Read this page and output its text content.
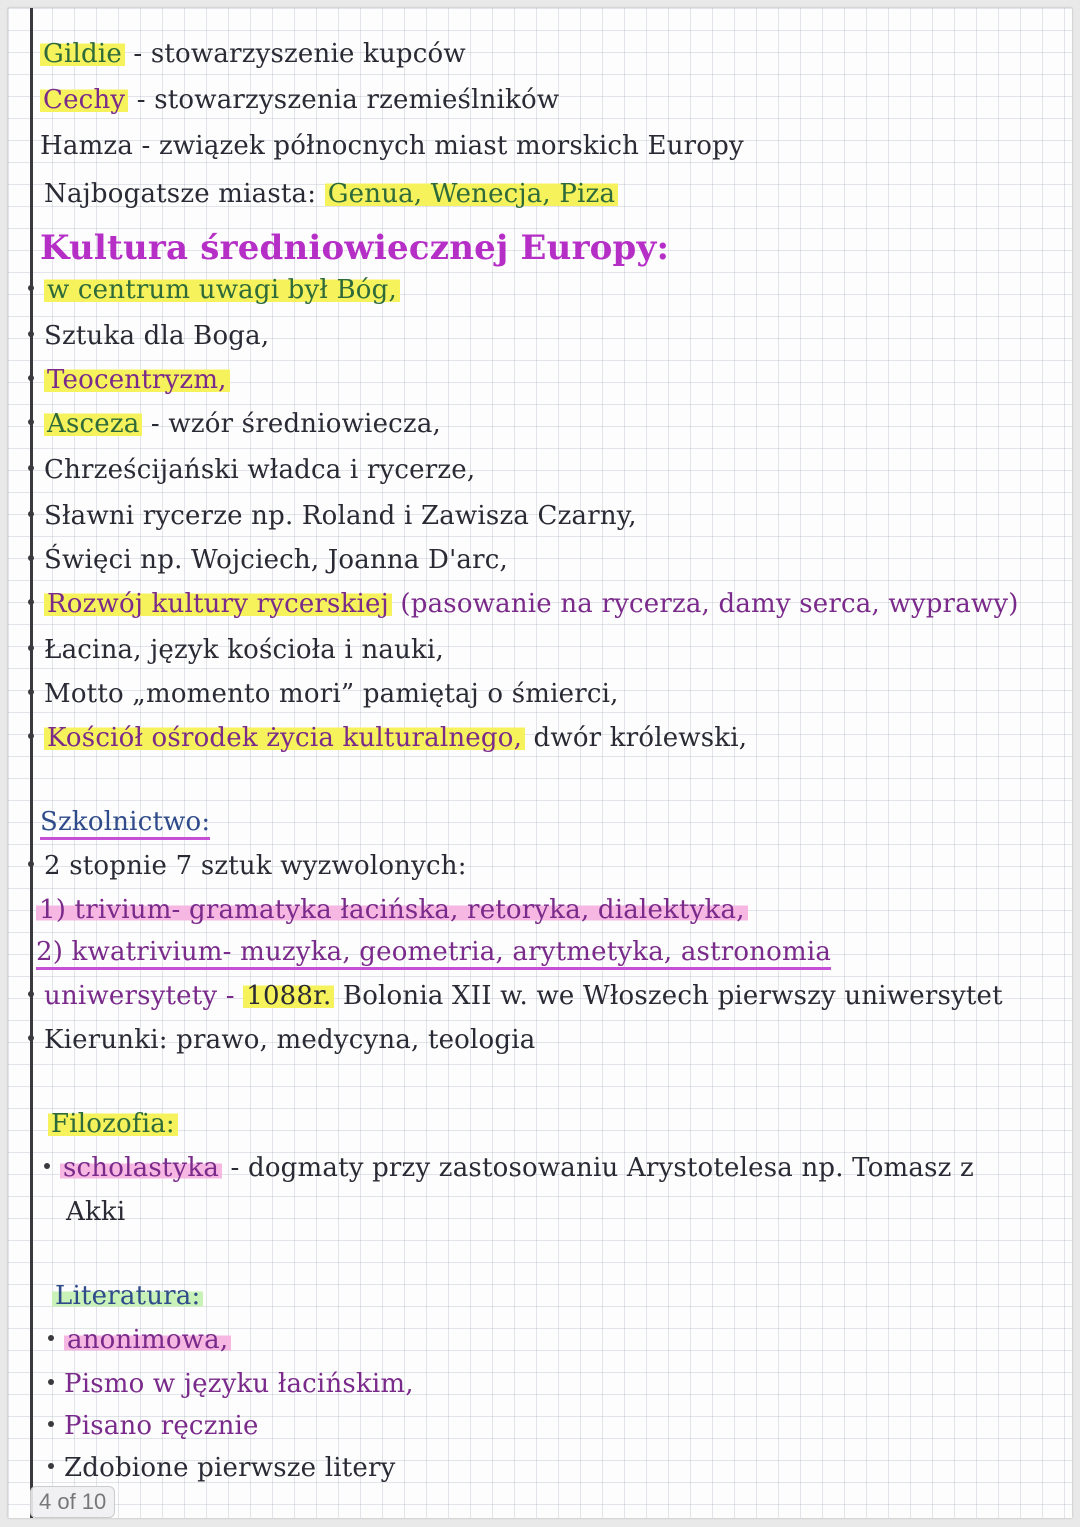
Gildie - stowarzyszenie kupców
Cechy - stowarzyszenia rzemieślników
Hamza - związek północnych miast morskich Europy
Najbogatsze miasta: Genua, Wenecja, Piza
Kultura średniowiecznej Europy:
w centrum uwagi był Bóg,
Sztuka dla Boga,
Teocentryzm,
Asceza - wzór średniowiecza,
Chrześcijański władca i rycerze,
Sławni rycerze np. Roland i Zawisza Czarny,
Święci np. Wojciech, Joanna D'arc,
Rozwój kultury rycerskiej (pasowanie na rycerza, damy serca, wyprawy)
Łacina, język kościoła i nauki,
Motto „momento mori” pamiętaj o śmierci,
Kościół ośrodek życia kulturalnego, dwór królewski,
Szkolnictwo:
2 stopnie 7 sztuk wyzwolonych:
1) trivium- gramatyka łacińska, retoryka, dialektyka,
2) kwatrivium- muzyka, geometria, arytmetyka, astronomia
uniwersytety - 1088r. Bolonia XII w. we Włoszech pierwszy uniwersytet
Kierunki: prawo, medycyna, teologia
Filozofia:
scholastyka - dogmaty przy zastosowaniu Arystotelesa np. Tomasz z
Akki
Literatura:
anonimowa,
Pismo w języku łacińskim,
Pisano ręcznie
Zdobione pierwsze litery
4 of 10
